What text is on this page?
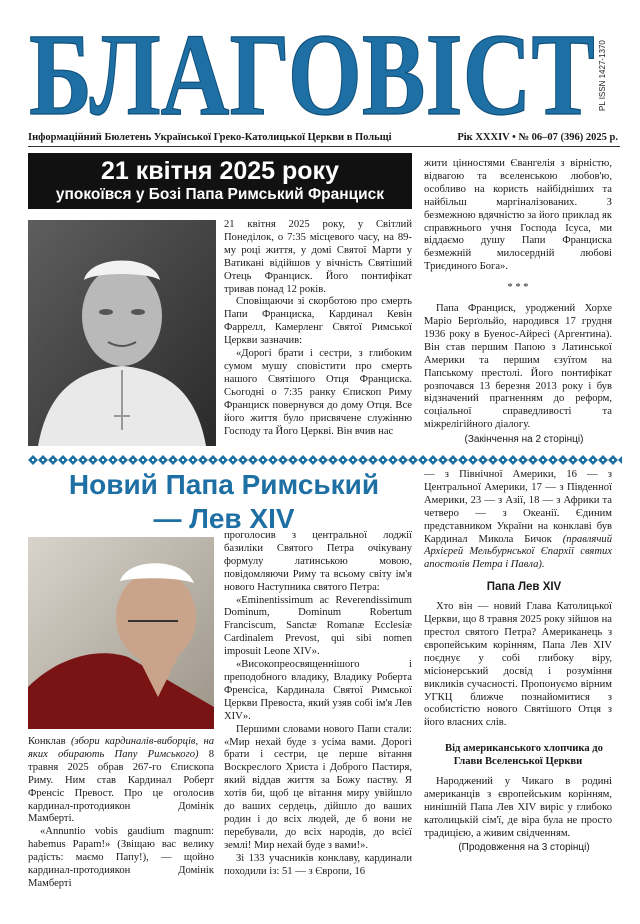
БЛАГОВІСТ PL ISSN 1427-1370
Інформаційний Бюлетень Української Греко-Католицької Церкви в Польщі	Рік XXXIV • № 06–07 (396) 2025 р.
21 квітня 2025 року
упокоївся у Бозі Папа Римський Франциск

21 квітня 2025 року, у Світлий Понеділок, о 7:35 місцевого часу, на 89-му році життя, у домі Святої Марти у Ватикані відійшов у вічність Святіший Отець Франциск. Його понтифікат тривав понад 12 років.

Сповіщаючи зі скорботою про смерть Папи Франциска, Кардинал Кевін Фаррелл, Камерленг Святої Римської Церкви зазначив:

«Дорогі брати і сестри, з глибоким сумом мушу сповістити про смерть нашого Святішого Отця Франциска. Сьогодні о 7:35 ранку Єпископ Риму Франциск повернувся до дому Отця. Все його життя було присвячене служінню Господу та Його Церкві. Він вчив нас

жити цінностями Євангелія з вірністю, відвагою та вселенською любов'ю, особливо на користь найбідніших та найбільш маргіналізованих. З безмежною вдячністю за його приклад як справжнього учня Господа Ісуса, ми віддаємо душу Папи Франциска безмежній милосердній любові Триєдиного Бога».

* * *

Папа Франциск, уроджений Хорхе Маріо Берґольйо, народився 17 грудня 1936 року в Буенос-Айресі (Аргентина). Він став першим Папою з Латинської Америки та першим єзуїтом на Папському престолі. Його понтифікат розпочався 13 березня 2013 року і був відзначений прагненням до реформ, соціальної справедливості та міжрелігійного діалогу.

(Закінчення на 2 сторінці)

Новий Папа Римський
— Лев XIV

Конклав (збори кардиналів-виборців, на яких обирають Папу Римського) 8 травня 2025 обрав 267-го Єпископа Риму. Ним став Кардинал Роберт Френсіс Превост. Про це оголосив кардинал-протодиякон Домінік Мамберті.

«Annuntio vobis gaudium magnum: habemus Papam!» (Звіщаю вас велику радість: маємо Папу!), — щойно кардинал-протодиякон Домінік Мамберті

проголосив з центральної лоджії базиліки Святого Петра очікувану формулу латинською мовою, повідомляючи Риму та всьому світу ім'я нового Наступника святого Петра:

«Eminentissimum ac Reverendissimum Dominum, Dominum Robertum Franciscum, Sanctæ Romanæ Ecclesiæ Cardinalem Prevost, qui sibi nomen imposuit Leone XIV».

«Високопреосвященнішого і преподобного владику, Владику Роберта Френсіса, Кардинала Святої Римської Церкви Превоста, який узяв собі ім'я Лев XIV».

Першими словами нового Папи стали: «Мир нехай буде з усіма вами. Дорогі брати і сестри, це перше вітання Воскреслого Христа і Доброго Пастиря, який віддав життя за Божу паству. Я хотів би, щоб це вітання миру увійшло до ваших сердець, дійшло до ваших родин і до всіх людей, де б вони не перебували, до всіх народів, до всієї землі! Мир нехай буде з вами!».

Зі 133 учасників конклаву, кардинали походили із: 51 — з Європи, 16

— з Північної Америки, 16 — з Центральної Америки, 17 — з Південної Америки, 23 — з Азії, 18 — з Африки та четверо — з Океанії. Єдиним представником України на конклаві був Кардинал Микола Бичок (правлячий Архієрей Мельбурнської Єпархії святих апостолів Петра і Павла).

Папа Лев XIV

Хто він — новий Глава Католицької Церкви, що 8 травня 2025 року зійшов на престол святого Петра? Американець з європейським корінням, Папа Лев XIV поєднує у собі глибоку віру, місіонерський досвід і розуміння викликів сучасності. Пропонуємо вірним УГКЦ ближче познайомитися з особистістю нового Святішого Отця з його власних слів.

Від американського хлопчика до Глави Вселенської Церкви

Народжений у Чикаго в родині американців з європейським корінням, нинішній Папа Лев XIV виріс у глибоко католицькій сім'ї, де віра була не просто традицією, а живим свідченням.

(Продовження на 3 сторінці)
